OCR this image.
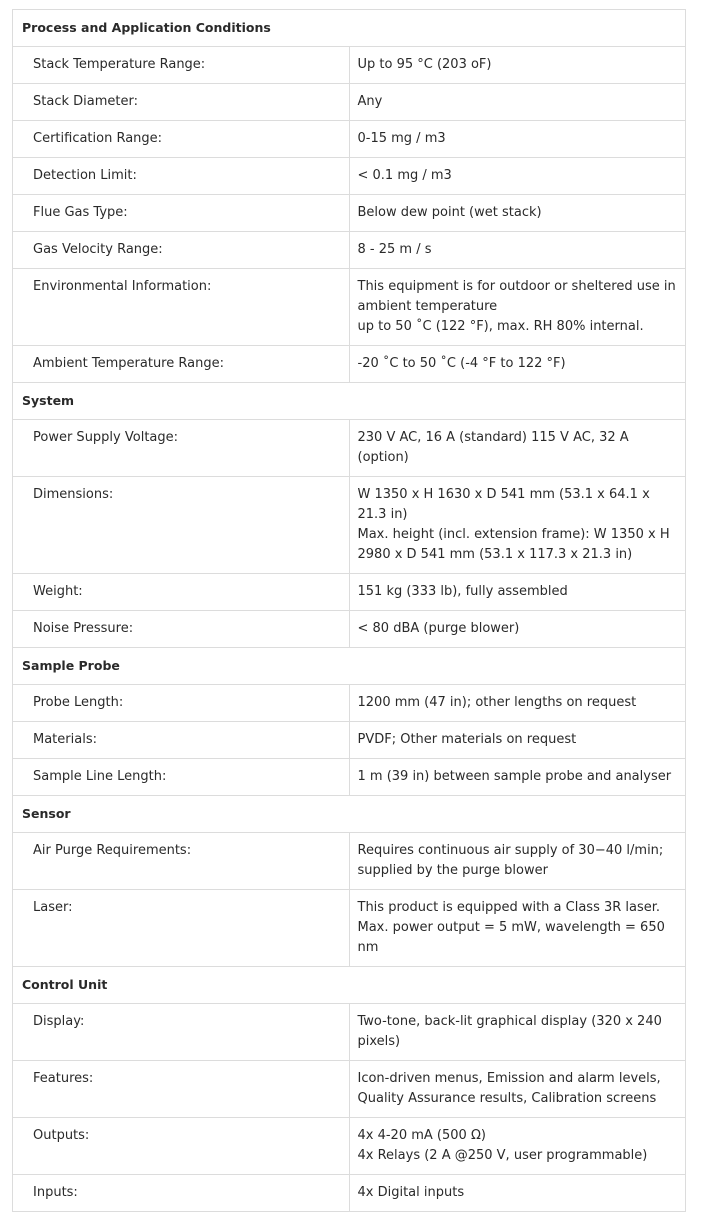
Process and Application Conditions	
Stack Temperature Range:	Up to 95 °C (203 oF)

Stack Diameter:	Any

Certification Range:	0-15 mg / m3

Detection Limit:	< 0.1 mg / m3

Flue Gas Type:	Below dew point (wet stack)

Gas Velocity Range:	8 - 25 m / s

Environmental Information:	This equipment is for outdoor or sheltered use in ambient temperature
up to 50 ˚C (122 °F), max. RH 80% internal.

Ambient Temperature Range:	-20 ˚C to 50 ˚C (-4 °F to 122 °F)

System	
Power Supply Voltage:	230 V AC, 16 A (standard) 115 V AC, 32 A (option)

Dimensions:	W 1350 x H 1630 x D 541 mm (53.1 x 64.1 x 21.3 in)
Max. height (incl. extension frame): W 1350 x H 2980 x D 541 mm (53.1 x 117.3 x 21.3 in)

Weight:	151 kg (333 lb), fully assembled

Noise Pressure:	< 80 dBA (purge blower)

Sample Probe	
Probe Length:	1200 mm (47 in); other lengths on request

Materials:	PVDF; Other materials on request

Sample Line Length:	1 m (39 in) between sample probe and analyser

Sensor	
Air Purge Requirements:	Requires continuous air supply of 30−40 l/min; supplied by the purge blower

Laser:	This product is equipped with a Class 3R laser.
Max. power output = 5 mW, wavelength = 650 nm

Control Unit	
Display:	Two-tone, back-lit graphical display (320 x 240 pixels)

Features:	Icon-driven menus, Emission and alarm levels, Quality Assurance results, Calibration screens

Outputs:	4x 4-20 mA (500 Ω)
4x Relays (2 A @250 V, user programmable)

Inputs:	4x Digital inputs
